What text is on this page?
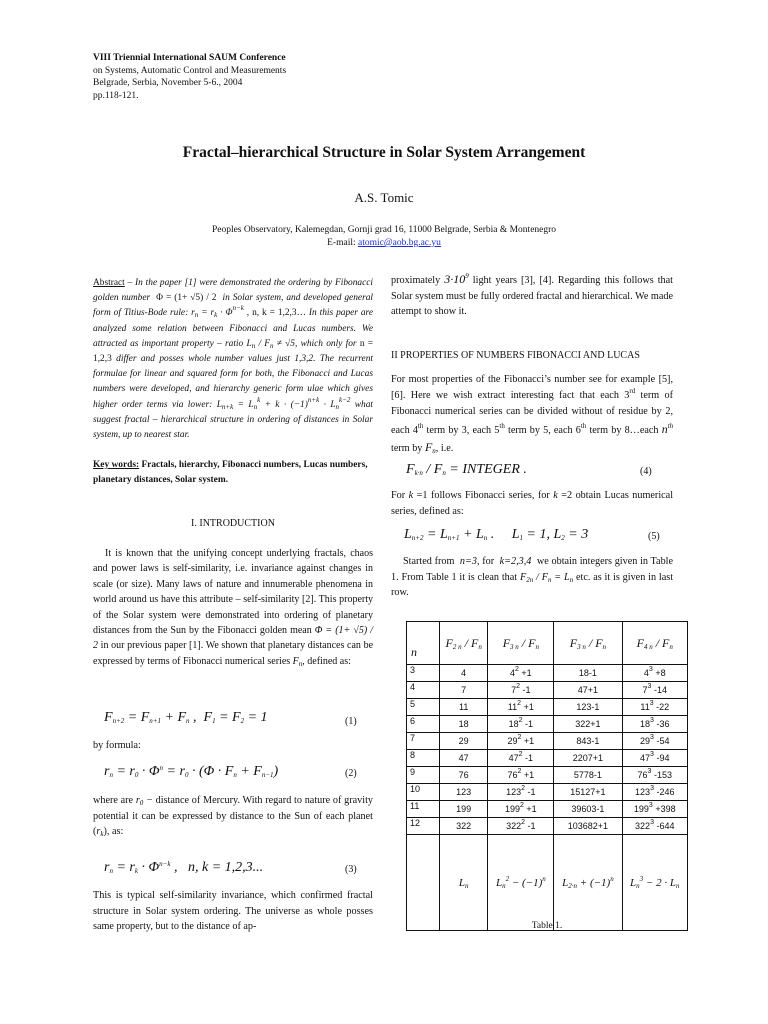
VIII Triennial International SAUM Conference
on Systems, Automatic Control and Measurements
Belgrade, Serbia, November 5-6., 2004
pp.118-121.
Fractal–hierarchical Structure in Solar System Arrangement
A.S. Tomic
Peoples Observatory, Kalemegdan, Gornji grad 16, 11000 Belgrade, Serbia & Montenegro
E-mail: atomic@aob.bg.ac.yu
Abstract – In the paper [1] were demonstrated the ordering by Fibonacci golden number Φ = (1+ √5) / 2 in Solar system, and developed general form of Titius-Bode rule: $r_n = r_k \cdot \Phi^{n-k}$ , n, k = 1,2,3… In this paper are analyzed some relation between Fibonacci and Lucas numbers. We attracted as important property – ratio $L_n / F_n \ne √5$, which only for n = 1,2,3 differ and posses whole number values just 1,3,2. The recurrent formulae for linear and squared form for both, the Fibonacci and Lucas numbers were developed, and hierarchy generic form ulae which gives higher order terms via lower: $L_{n+k} = L_n^k + k \cdot (-1)^{n+k} \cdot L_n^{k-2}$ what suggest fractal – hierarchical structure in ordering of distances in Solar system, up to nearest star.
Key words: Fractals, hierarchy, Fibonacci numbers, Lucas numbers, planetary distances, Solar system.
I. INTRODUCTION
It is known that the unifying concept underlying fractals, chaos and power laws is self-similarity, i.e. invariance against changes in scale (or size). Many laws of nature and innumerable phenomena in world around us have this attribute – self-similarity [2]. This property of the Solar system were demonstrated into ordering of planetary distances from the Sun by the Fibonacci golden mean Φ = (1+ √5) / 2 in our previous paper [1]. We shown that planetary distances can be expressed by terms of Fibonacci numerical series $F_n$, defined as:
$F_{n+2} = F_{n+1} + F_n$ ,  $F_1 = F_2 = 1$	(1)
by formula:
$r_n = r_0 \cdot \Phi^n = r_0 \cdot (\Phi \cdot F_n + F_{n-1})$	(2)
where are $r_0$ − distance of Mercury. With regard to nature of gravity potential it can be expressed by distance to the Sun of each planet $(r_k)$, as:
$r_n = r_k \cdot \Phi^{n-k}$ ,   n, k = 1,2,3...	(3)
This is typical self-similarity invariance, which confirmed fractal structure in Solar system ordering. The universe as whole posses same property, but to the distance of ap-
proximately $3\cdot 10^9$ light years [3], [4]. Regarding this follows that Solar system must be fully ordered fractal and hierarchical. We made attempt to show it.
II PROPERTIES OF NUMBERS FIBONACCI AND LUCAS
For most properties of the Fibonacci’s number see for example [5], [6]. Here we wish extract interesting fact that each 3rd term of Fibonacci numerical series can be divided without of residue by 2, each 4th term by 3, each 5th term by 5, each 6th term by 8…each $n^{th}$ term by $F_n$, i.e.
$F_{k\cdot n} / F_n$ = INTEGER .	(4)
For k =1 follows Fibonacci series, for k =2 obtain Lucas numerical series, defined as:
$L_{n+2} = L_{n+1} + L_n$ .     $L_1 = 1$, $L_2 = 3$	(5)
Started from  n=3, for  k=2,3,4  we obtain integers given in Table 1. From Table 1 it is clean that $F_{2n} / F_n = L_n$ etc. as it is given in last row.
n	$F_{2 n} / F_n$	$F_{3 n} / F_n$	$F_{3 n} / F_n$	$F_{4 n} / F_n$
3	4	$4^2 +1$	18-1	$4^3 +8$
4	7	$7^2$ -1	47+1	$7^3$ -14
5	11	$11^2 +1$	123-1	$11^3$ -22
6	18	$18^2$ -1	322+1	$18^3$ -36
7	29	$29^2 +1$	843-1	$29^3$ -54
8	47	$47^2$ -1	2207+1	$47^3$ -94
9	76	$76^2 +1$	5778-1	$76^3$ -153
10	123	$123^2$ -1	15127+1	$123^3$ -246
11	199	$199^2 +1$	39603-1	$199^3 +398$
12	322	$322^2$ -1	103682+1	$322^3$ -644
	$L_n$	$L_n^2 - (-1)^n$	$L_{2\cdot n} + (-1)^n$	$L_n^3 - 2 \cdot L_n$
Table 1.
